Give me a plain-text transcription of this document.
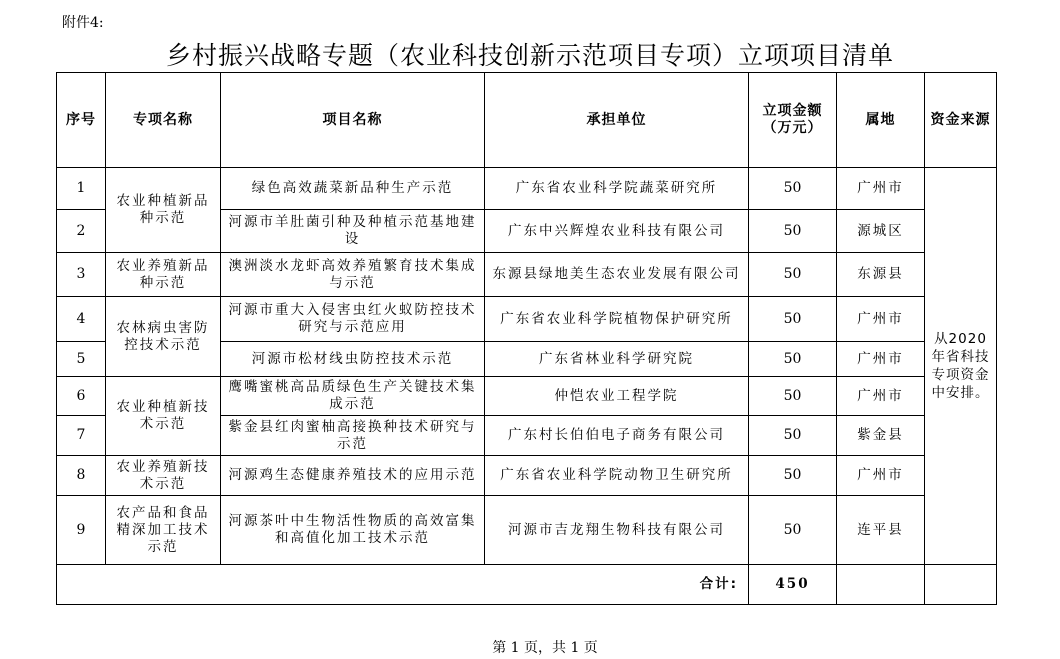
附件4:
乡村振兴战略专题（农业科技创新示范项目专项）立项项目清单
序号	专项名称	项目名称	承担单位	立项金额（万元）	属地	资金来源
1	农业种植新品种示范	绿色高效蔬菜新品种生产示范	广东省农业科学院蔬菜研究所	50	广州市	从2020年省科技专项资金中安排。
2		河源市羊肚菌引种及种植示范基地建设	广东中兴辉煌农业科技有限公司	50	源城区	
3	农业养殖新品种示范	澳洲淡水龙虾高效养殖繁育技术集成与示范	东源县绿地美生态农业发展有限公司	50	东源县	
4	农林病虫害防控技术示范	河源市重大入侵害虫红火蚁防控技术研究与示范应用	广东省农业科学院植物保护研究所	50	广州市	
5		河源市松材线虫防控技术示范	广东省林业科学研究院	50	广州市	
6	农业种植新技术示范	鹰嘴蜜桃高品质绿色生产关键技术集成示范	仲恺农业工程学院	50	广州市	
7		紫金县红肉蜜柚高接换种技术研究与示范	广东村长伯伯电子商务有限公司	50	紫金县	
8	农业养殖新技术示范	河源鸡生态健康养殖技术的应用示范	广东省农业科学院动物卫生研究所	50	广州市	
9	农产品和食品精深加工技术示范	河源茶叶中生物活性物质的高效富集和高值化加工技术示范	河源市吉龙翔生物科技有限公司	50	连平县	
合计:				450		
第 1 页，共 1 页
